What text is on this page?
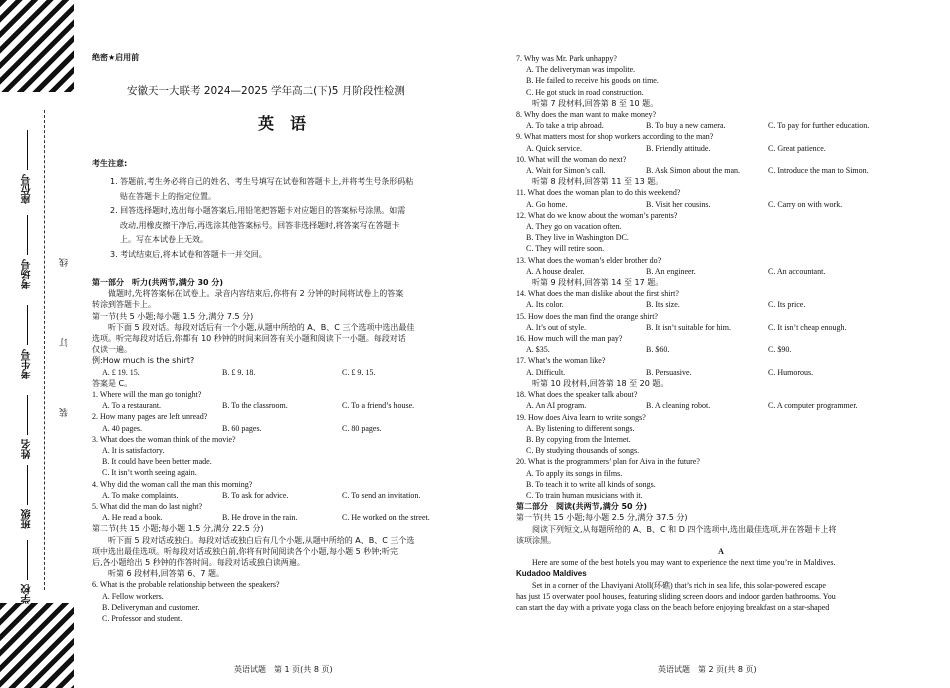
座位号
考场号
考生号
姓名
班级
学校
线
订
装
绝密★启用前
安徽天一大联考 2024—2025 学年高二(下)5 月阶段性检测
英　语
考生注意:
1. 答题前,考生务必将自己的姓名、考生号填写在试卷和答题卡上,并将考生号条形码粘
贴在答题卡上的指定位置。
2. 回答选择题时,选出每小题答案后,用铅笔把答题卡对应题目的答案标号涂黑。如需
改动,用橡皮擦干净后,再选涂其他答案标号。回答非选择题时,将答案写在答题卡
上。写在本试卷上无效。
3. 考试结束后,将本试卷和答题卡一并交回。
第一部分　听力(共两节,满分 30 分)
做题时,先将答案标在试卷上。录音内容结束后,你将有 2 分钟的时间将试卷上的答案
转涂到答题卡上。
第一节(共 5 小题;每小题 1.5 分,满分 7.5 分)
听下面 5 段对话。每段对话后有一个小题,从题中所给的 A、B、C 三个选项中选出最佳
选项。听完每段对话后,你都有 10 秒钟的时间来回答有关小题和阅读下一小题。每段对话
仅读一遍。
例:How much is the shirt?
A. £ 19. 15.	B. £ 9. 18.	C. £ 9. 15.
答案是 C。
1. Where will the man go tonight?
A. To a restaurant.	B. To the classroom.	C. To a friend’s house.
2. How many pages are left unread?
A. 40 pages.	B. 60 pages.	C. 80 pages.
3. What does the woman think of the movie?
A. It is satisfactory.
B. It could have been better made.
C. It isn’t worth seeing again.
4. Why did the woman call the man this morning?
A. To make complaints.	B. To ask for advice.	C. To send an invitation.
5. What did the man do last night?
A. He read a book.	B. He drove in the rain.	C. He worked on the street.
第二节(共 15 小题;每小题 1.5 分,满分 22.5 分)
听下面 5 段对话或独白。每段对话或独白后有几个小题,从题中所给的 A、B、C 三个选
项中选出最佳选项。听每段对话或独白前,你将有时间阅读各个小题,每小题 5 秒钟;听完
后,各小题给出 5 秒钟的作答时间。每段对话或独白读两遍。
听第 6 段材料,回答第 6、7 题。
6. What is the probable relationship between the speakers?
A. Fellow workers.
B. Deliveryman and customer.
C. Professor and student.
英语试题　第 1 页(共 8 页)
7. Why was Mr. Park unhappy?
A. The deliveryman was impolite.
B. He failed to receive his goods on time.
C. He got stuck in road construction.
听第 7 段材料,回答第 8 至 10 题。
8. Why does the man want to make money?
A. To take a trip abroad.	B. To buy a new camera.	C. To pay for further education.
9. What matters most for shop workers according to the man?
A. Quick service.	B. Friendly attitude.	C. Great patience.
10. What will the woman do next?
A. Wait for Simon’s call.	B. Ask Simon about the man.	C. Introduce the man to Simon.
听第 8 段材料,回答第 11 至 13 题。
11. What does the woman plan to do this weekend?
A. Go home.	B. Visit her cousins.	C. Carry on with work.
12. What do we know about the woman’s parents?
A. They go on vacation often.
B. They live in Washington DC.
C. They will retire soon.
13. What does the woman’s elder brother do?
A. A house dealer.	B. An engineer.	C. An accountant.
听第 9 段材料,回答第 14 至 17 题。
14. What does the man dislike about the first shirt?
A. Its color.	B. Its size.	C. Its price.
15. How does the man find the orange shirt?
A. It’s out of style.	B. It isn’t suitable for him.	C. It isn’t cheap enough.
16. How much will the man pay?
A. $35.	B. $60.	C. $90.
17. What’s the woman like?
A. Difficult.	B. Persuasive.	C. Humorous.
听第 10 段材料,回答第 18 至 20 题。
18. What does the speaker talk about?
A. An AI program.	B. A cleaning robot.	C. A computer programmer.
19. How does Aiva learn to write songs?
A. By listening to different songs.
B. By copying from the Internet.
C. By studying thousands of songs.
20. What is the programmers’ plan for Aiva in the future?
A. To apply its songs in films.
B. To teach it to write all kinds of songs.
C. To train human musicians with it.
第二部分　阅读(共两节,满分 50 分)
第一节(共 15 小题;每小题 2.5 分,满分 37.5 分)
阅读下列短文,从每题所给的 A、B、C 和 D 四个选项中,选出最佳选项,并在答题卡上将
该项涂黑。
A
Here are some of the best hotels you may want to experience the next time you’re in Maldives.
Kudadoo Maldives
Set in a corner of the Lhaviyani Atoll(环礁) that’s rich in sea life, this solar-powered escape
has just 15 overwater pool houses, featuring sliding screen doors and indoor garden bathrooms. You
can start the day with a private yoga class on the beach before enjoying breakfast on a star-shaped
英语试题　第 2 页(共 8 页)
